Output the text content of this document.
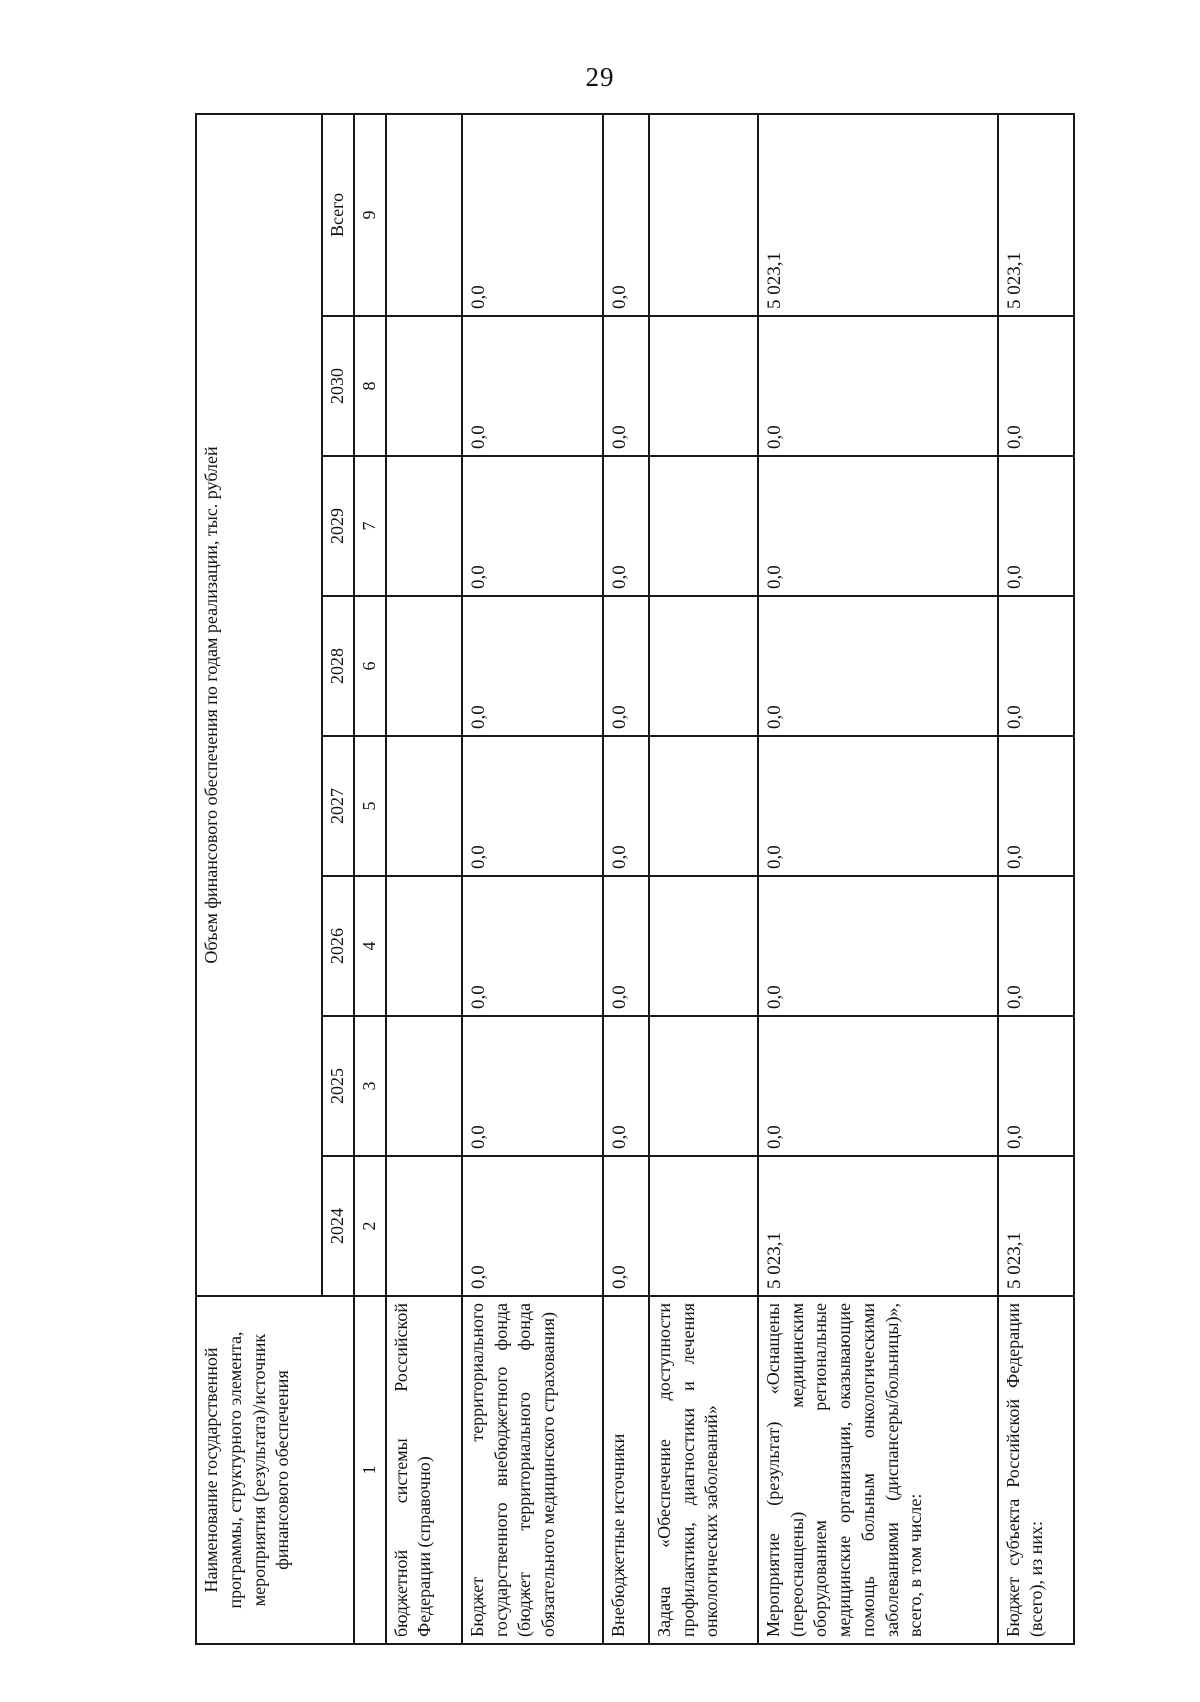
29
Наименование государственной программы, структурного элемента, мероприятия (результата)/источник финансового обеспечения	Объем финансового обеспечения по годам реализации, тыс. рублей							
	2024	2025	2026	2027	2028	2029	2030	Всего
1	2	3	4	5	6	7	8	9
бюджетной системы Российской Федерации (справочно)								
Бюджет территориального государственного внебюджетного фонда (бюджет территориального фонда обязательного медицинского страхования)	0,0	0,0	0,0	0,0	0,0	0,0	0,0	0,0
Внебюджетные источники	0,0	0,0	0,0	0,0	0,0	0,0	0,0	0,0
Задача «Обеспечение доступности профилактики, диагностики и лечения онкологических заболеваний»								
Мероприятие (результат) «Оснащены (переоснащены) медицинским оборудованием региональные медицинские организации, оказывающие помощь больным онкологическими заболеваниями (диспансеры/больницы)», всего, в том числе:	5 023,1	0,0	0,0	0,0	0,0	0,0	0,0	5 023,1
Бюджет субъекта Российской Федерации (всего), из них:	5 023,1	0,0	0,0	0,0	0,0	0,0	0,0	5 023,1
